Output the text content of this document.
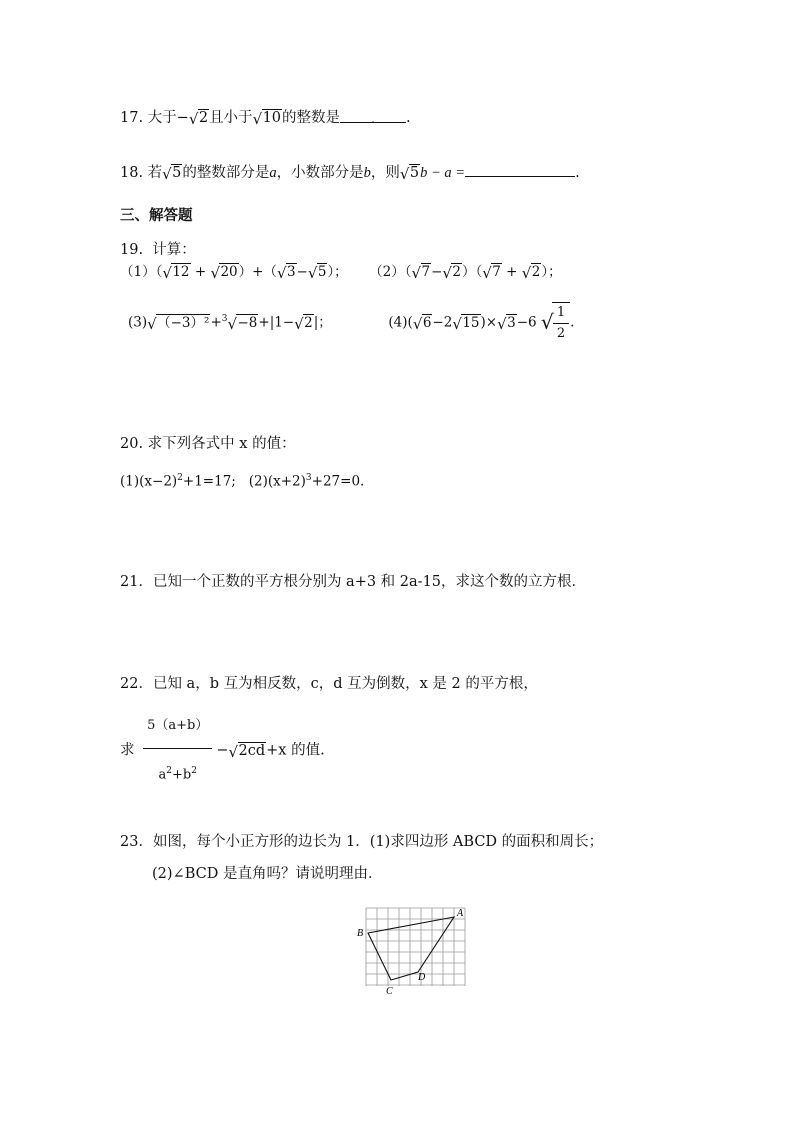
17. 大于− √ 2且小于 √ 10的整数是	. .
18. 若 √ 5的整数部分是a，小数部分是b，则 √ 5b − a =	.
三、解答题
19. 计算：
（1）（ √ 12 + √ 20）+（ √ 3− √ 5）； （2）（ √ 7− √ 2）（ √ 7 + √ 2）；
(3) √ （−3）²+$^3$ √ −8+|1− √ 2|；	(4)( √ 6−2 √ 15)× √ 3−6 √
$\frac{1}{2}$ .
20. 求下列各式中 x 的值：
$(1)(x-2)^2+1=17$; $(2)(x+2)^3+27=0$.
21．已知一个正数的平方根分别为 a+3 和 2a-15，求这个数的立方根．
22．已知 a，b 互为相反数，c，d 互为倒数，x 是 2 的平方根，
求 $\frac{5(a+b)}{a^2+b^2}$ − √ 2cd+x 的值.
23．如图，每个小正方形的边长为 1．(1)求四边形 ABCD 的面积和周长；
(2)∠BCD 是直角吗？请说明理由．
A
B
C
D
